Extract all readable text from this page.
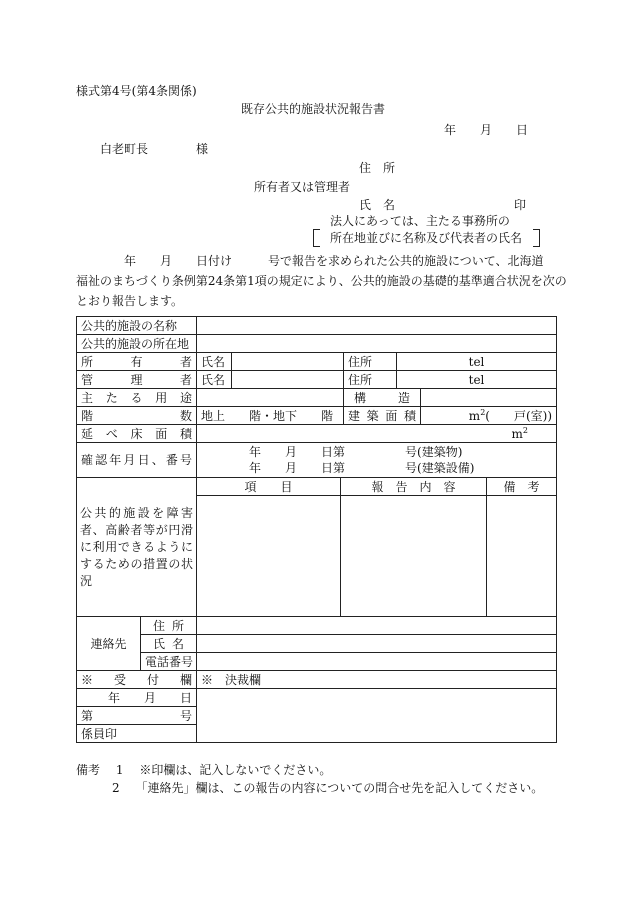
様式第4号(第4条関係)
既存公共的施設状況報告書
年　　月　　日
白老町長	様
住　所
所有者又は管理者
氏　名	印
法人にあっては、主たる事務所の
所在地並びに名称及び代表者の氏名
　　　　年　　月　　日付け　　　号で報告を求められた公共的施設について、北海道
福祉のまちづくり条例第24条第1項の規定により、公共的施設の基礎的基準適合状況を次の
とおり報告します。
公共的施設の名称								
公共的施設の所在地								
所有者		氏名			住所	tel		
管理者		氏名			住所	tel		
主たる用途					構造			
階数		地上　　階・地下　　階			建築面積		$m^2$(　　戸(室))	
延べ床面積		$m^2$
確認年月日、番号		年　　月　　日第　　　　　号(建築物)
年　　月　　日第　　　　　号(建築設備)						

公共的施設を障害者、高齢者等が円滑に利用できるようにするための措置の状況		項　　目		報　告　内　容				備　考

連絡先	住所							
	氏名							
	電話番号							
※受付欄		※　決裁欄						
年　　月　　日								
第 号								

係員印								
備考　 1　 ※印欄は、記入しないでください。
2　 「連絡先」欄は、この報告の内容についての問合せ先を記入してください。
